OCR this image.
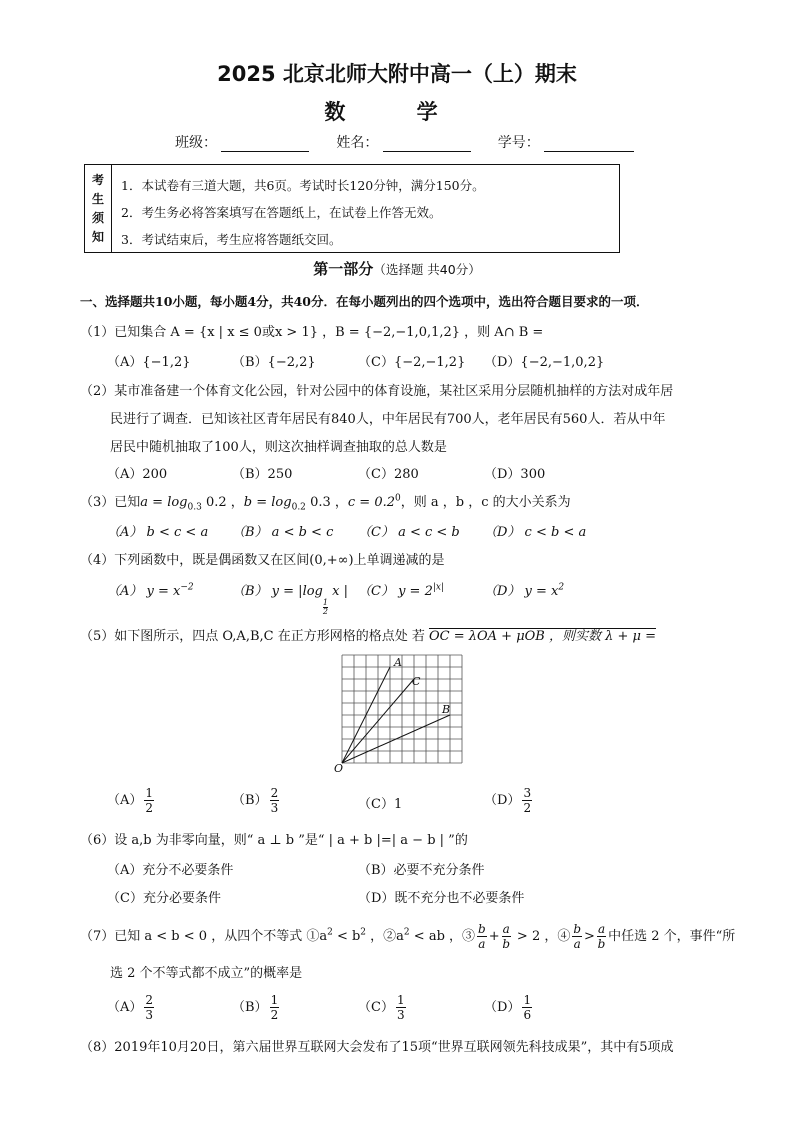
2025 北京北师大附中高一（上）期末
数 学
班级：	姓名：	学号：
考
生
须
知
1．本试卷有三道大题，共6页。考试时长120分钟，满分150分。
2．考生务必将答案填写在答题纸上，在试卷上作答无效。
3．考试结束后，考生应将答题纸交回。
第一部分（选择题 共40分）
一、选择题共10小题，每小题4分，共40分．在每小题列出的四个选项中，选出符合题目要求的一项．
（1）已知集合 A = {x | x ≤ 0或x > 1} ，B = {−2,−1,0,1,2} ，则 A∩ B =
（A）{−1,2}	（B）{−2,2}	（C）{−2,−1,2} （D）{−2,−1,0,2}
（2）某市准备建一个体育文化公园，针对公园中的体育设施，某社区采用分层随机抽样的方法对成年居
民进行了调查．已知该社区青年居民有840人，中年居民有700人，老年居民有560人．若从中年
居民中随机抽取了100人，则这次抽样调查抽取的总人数是
（A）200	（B）250	（C）280	（D）300
（3）已知$a = \log_{0.3} 0.2$ ，$b = \log_{0.2} 0.3$ ，$c = 0.2^0$，则 a ，b ，c 的大小关系为
（A） b < c < a （B） a < b < c （C） a < c < b （D） c < b < a
（4）下列函数中，既是偶函数又在区间(0,+∞)上单调递减的是
（A） $y = x^{-2}$	（B） y = |log
$\frac{1}{2}$
x | （C） $y = 2^{|x|}$	（D） $y = x^2$
（5）如下图所示，四点 O,A,B,C 在正方形网格的格点处 若 OC = λOA + μOB ，则实数 λ + μ =
A
C
B
O
$(A) \frac{1}{2}$	$(B) \frac{2}{3}$	（C）1	$(D) \frac{3}{2}$
（6）设 a,b 为非零向量，则“ a ⊥ b ”是“ | a + b |=| a − b | ”的
（A）充分不必要条件	（B）必要不充分条件
（C）充分必要条件	（D）既不充分也不必要条件
（7）已知 a < b < 0 ，从四个不等式 $①a^2 < b^2$ ，$②a^2$ < ab ，③ $\frac{b}{a} + \frac{a}{b} > 2$ ，④ $\frac{b}{a} > \frac{a}{b}$ 中任选 2 个，事件“所
选 2 个不等式都不成立”的概率是
$(A) \frac{2}{3}$	$(B) \frac{1}{2}$	$(C) \frac{1}{3}$	$(D) \frac{1}{6}$
（8）2019年10月20日，第六届世界互联网大会发布了15项“世界互联网领先科技成果”，其中有5项成
